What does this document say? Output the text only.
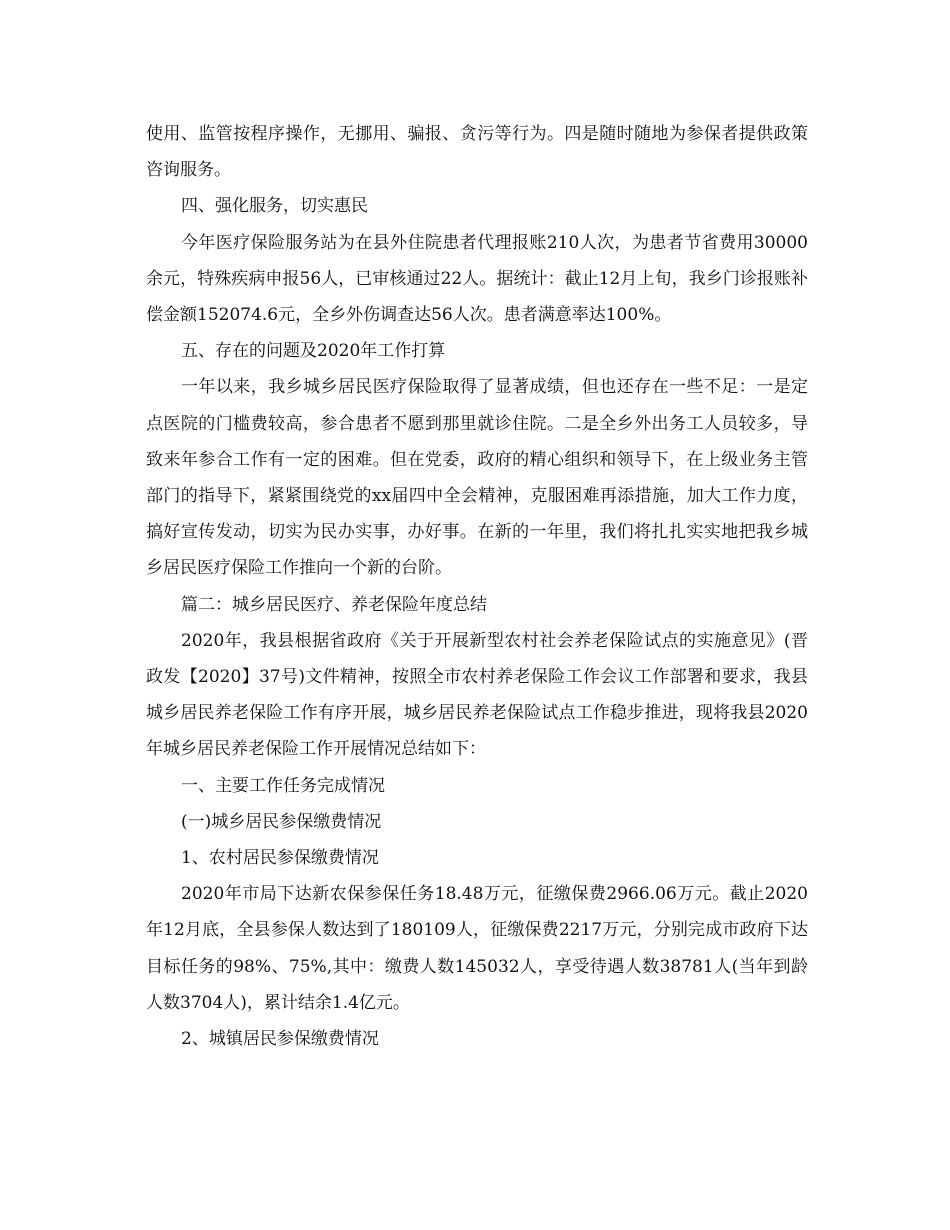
使用、监管按程序操作，无挪用、骗报、贪污等行为。四是随时随地为参保者提供政策咨询服务。

四、强化服务，切实惠民

今年医疗保险服务站为在县外住院患者代理报账210人次，为患者节省费用30000余元，特殊疾病申报56人，已审核通过22人。据统计：截止12月上旬，我乡门诊报账补偿金额152074.6元，全乡外伤调查达56人次。患者满意率达100%。

五、存在的问题及2020年工作打算

一年以来，我乡城乡居民医疗保险取得了显著成绩，但也还存在一些不足：一是定点医院的门槛费较高，参合患者不愿到那里就诊住院。二是全乡外出务工人员较多，导致来年参合工作有一定的困难。但在党委，政府的精心组织和领导下，在上级业务主管部门的指导下，紧紧围绕党的xx届四中全会精神，克服困难再添措施，加大工作力度，搞好宣传发动，切实为民办实事，办好事。在新的一年里，我们将扎扎实实地把我乡城乡居民医疗保险工作推向一个新的台阶。

篇二：城乡居民医疗、养老保险年度总结

2020年，我县根据省政府《关于开展新型农村社会养老保险试点的实施意见》(晋政发【2020】37号)文件精神，按照全市农村养老保险工作会议工作部署和要求，我县城乡居民养老保险工作有序开展，城乡居民养老保险试点工作稳步推进，现将我县2020年城乡居民养老保险工作开展情况总结如下：

一、主要工作任务完成情况

(一)城乡居民参保缴费情况

1、农村居民参保缴费情况

2020年市局下达新农保参保任务18.48万元，征缴保费2966.06万元。截止2020年12月底，全县参保人数达到了180109人，征缴保费2217万元，分别完成市政府下达目标任务的98%、75%,其中：缴费人数145032人，享受待遇人数38781人(当年到龄人数3704人)，累计结余1.4亿元。

2、城镇居民参保缴费情况
